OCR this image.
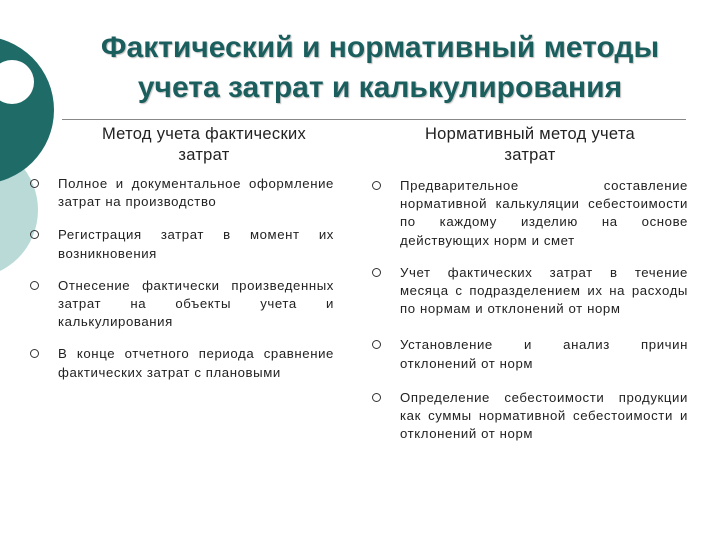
Фактический и нормативный методы
учета затрат и калькулирования
Метод учета фактических
затрат
Полное и документальное оформление затрат на производство
Регистрация затрат в момент их возникновения
Отнесение фактически произведенных затрат на объекты учета и калькулирования
В конце отчетного периода сравнение фактических затрат с плановыми
Нормативный метод учета
затрат
Предварительное составление нормативной калькуляции себестоимости по каждому изделию на основе действующих норм и смет
Учет фактических затрат в течение месяца с подразделением их на расходы по нормам и отклонений от норм
Установление и анализ причин отклонений от норм
Определение себестоимости продукции как суммы нормативной себестоимости и отклонений от норм
